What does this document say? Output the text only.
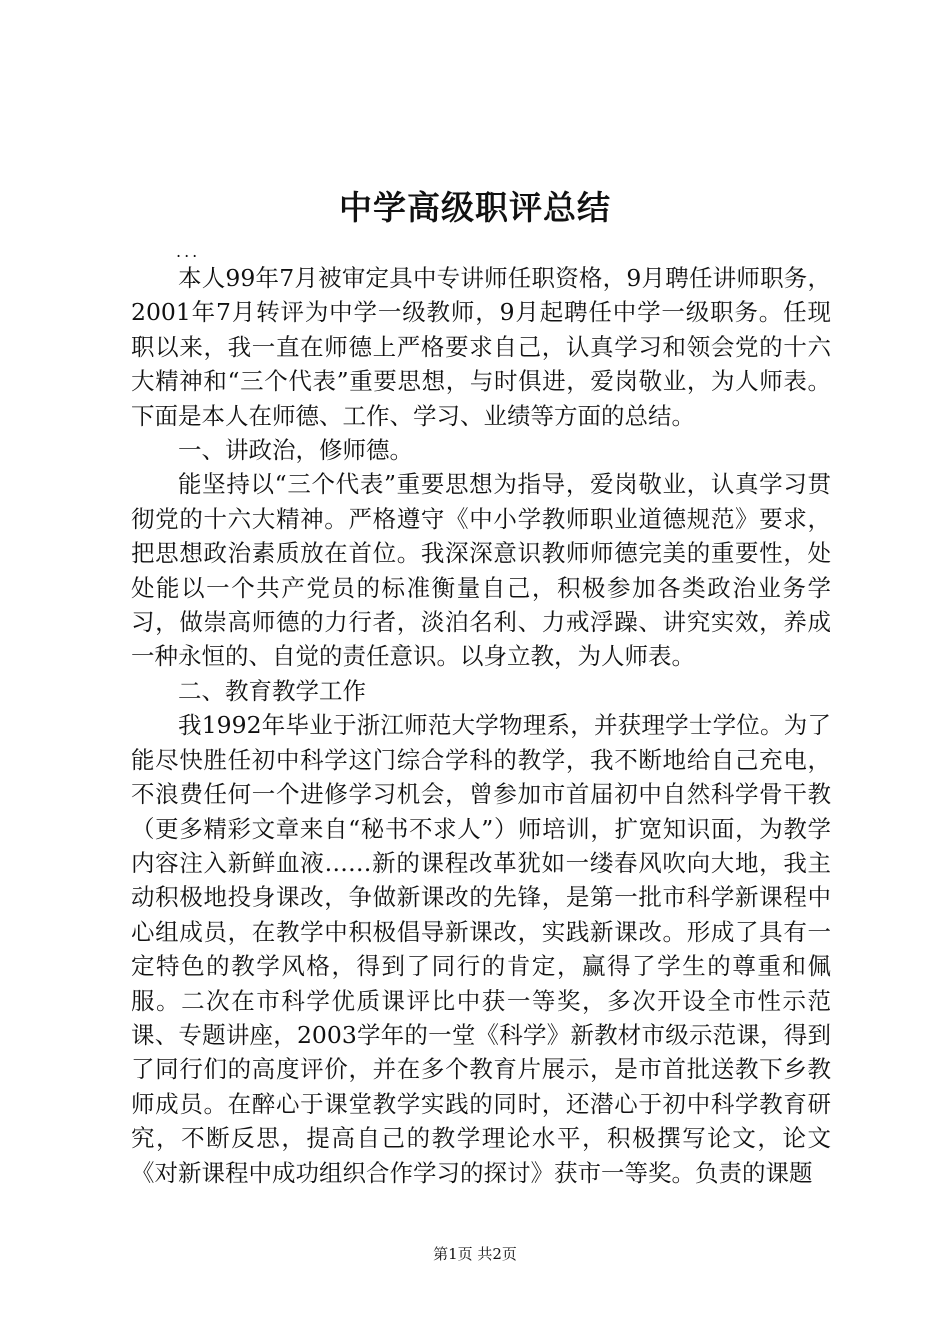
中学高级职评总结
...

本人99年7月被审定具中专讲师任职资格，9月聘任讲师职务，2001年7月转评为中学一级教师，9月起聘任中学一级职务。任现职以来，我一直在师德上严格要求自己，认真学习和领会党的十六大精神和“三个代表”重要思想，与时俱进，爱岗敬业，为人师表。下面是本人在师德、工作、学习、业绩等方面的总结。

一、讲政治，修师德。

能坚持以“三个代表”重要思想为指导，爱岗敬业，认真学习贯彻党的十六大精神。严格遵守《中小学教师职业道德规范》要求，把思想政治素质放在首位。我深深意识教师师德完美的重要性，处处能以一个共产党员的标准衡量自己，积极参加各类政治业务学习，做崇高师德的力行者，淡泊名利、力戒浮躁、讲究实效，养成一种永恒的、自觉的责任意识。以身立教，为人师表。

二、教育教学工作

我1992年毕业于浙江师范大学物理系，并获理学士学位。为了能尽快胜任初中科学这门综合学科的教学，我不断地给自己充电，不浪费任何一个进修学习机会，曾参加市首届初中自然科学骨干教（更多精彩文章来自“秘书不求人”）师培训，扩宽知识面，为教学内容注入新鲜血液……新的课程改革犹如一缕春风吹向大地，我主动积极地投身课改，争做新课改的先锋，是第一批市科学新课程中心组成员，在教学中积极倡导新课改，实践新课改。形成了具有一定特色的教学风格，得到了同行的肯定，赢得了学生的尊重和佩服。二次在市科学优质课评比中获一等奖，多次开设全市性示范课、专题讲座，2003学年的一堂《科学》新教材市级示范课，得到了同行们的高度评价，并在多个教育片展示，是市首批送教下乡教师成员。在醉心于课堂教学实践的同时，还潜心于初中科学教育研究，不断反思，提高自己的教学理论水平，积极撰写论文，论文《对新课程中成功组织合作学习的探讨》获市一等奖。负责的课题

第1页 共2页
